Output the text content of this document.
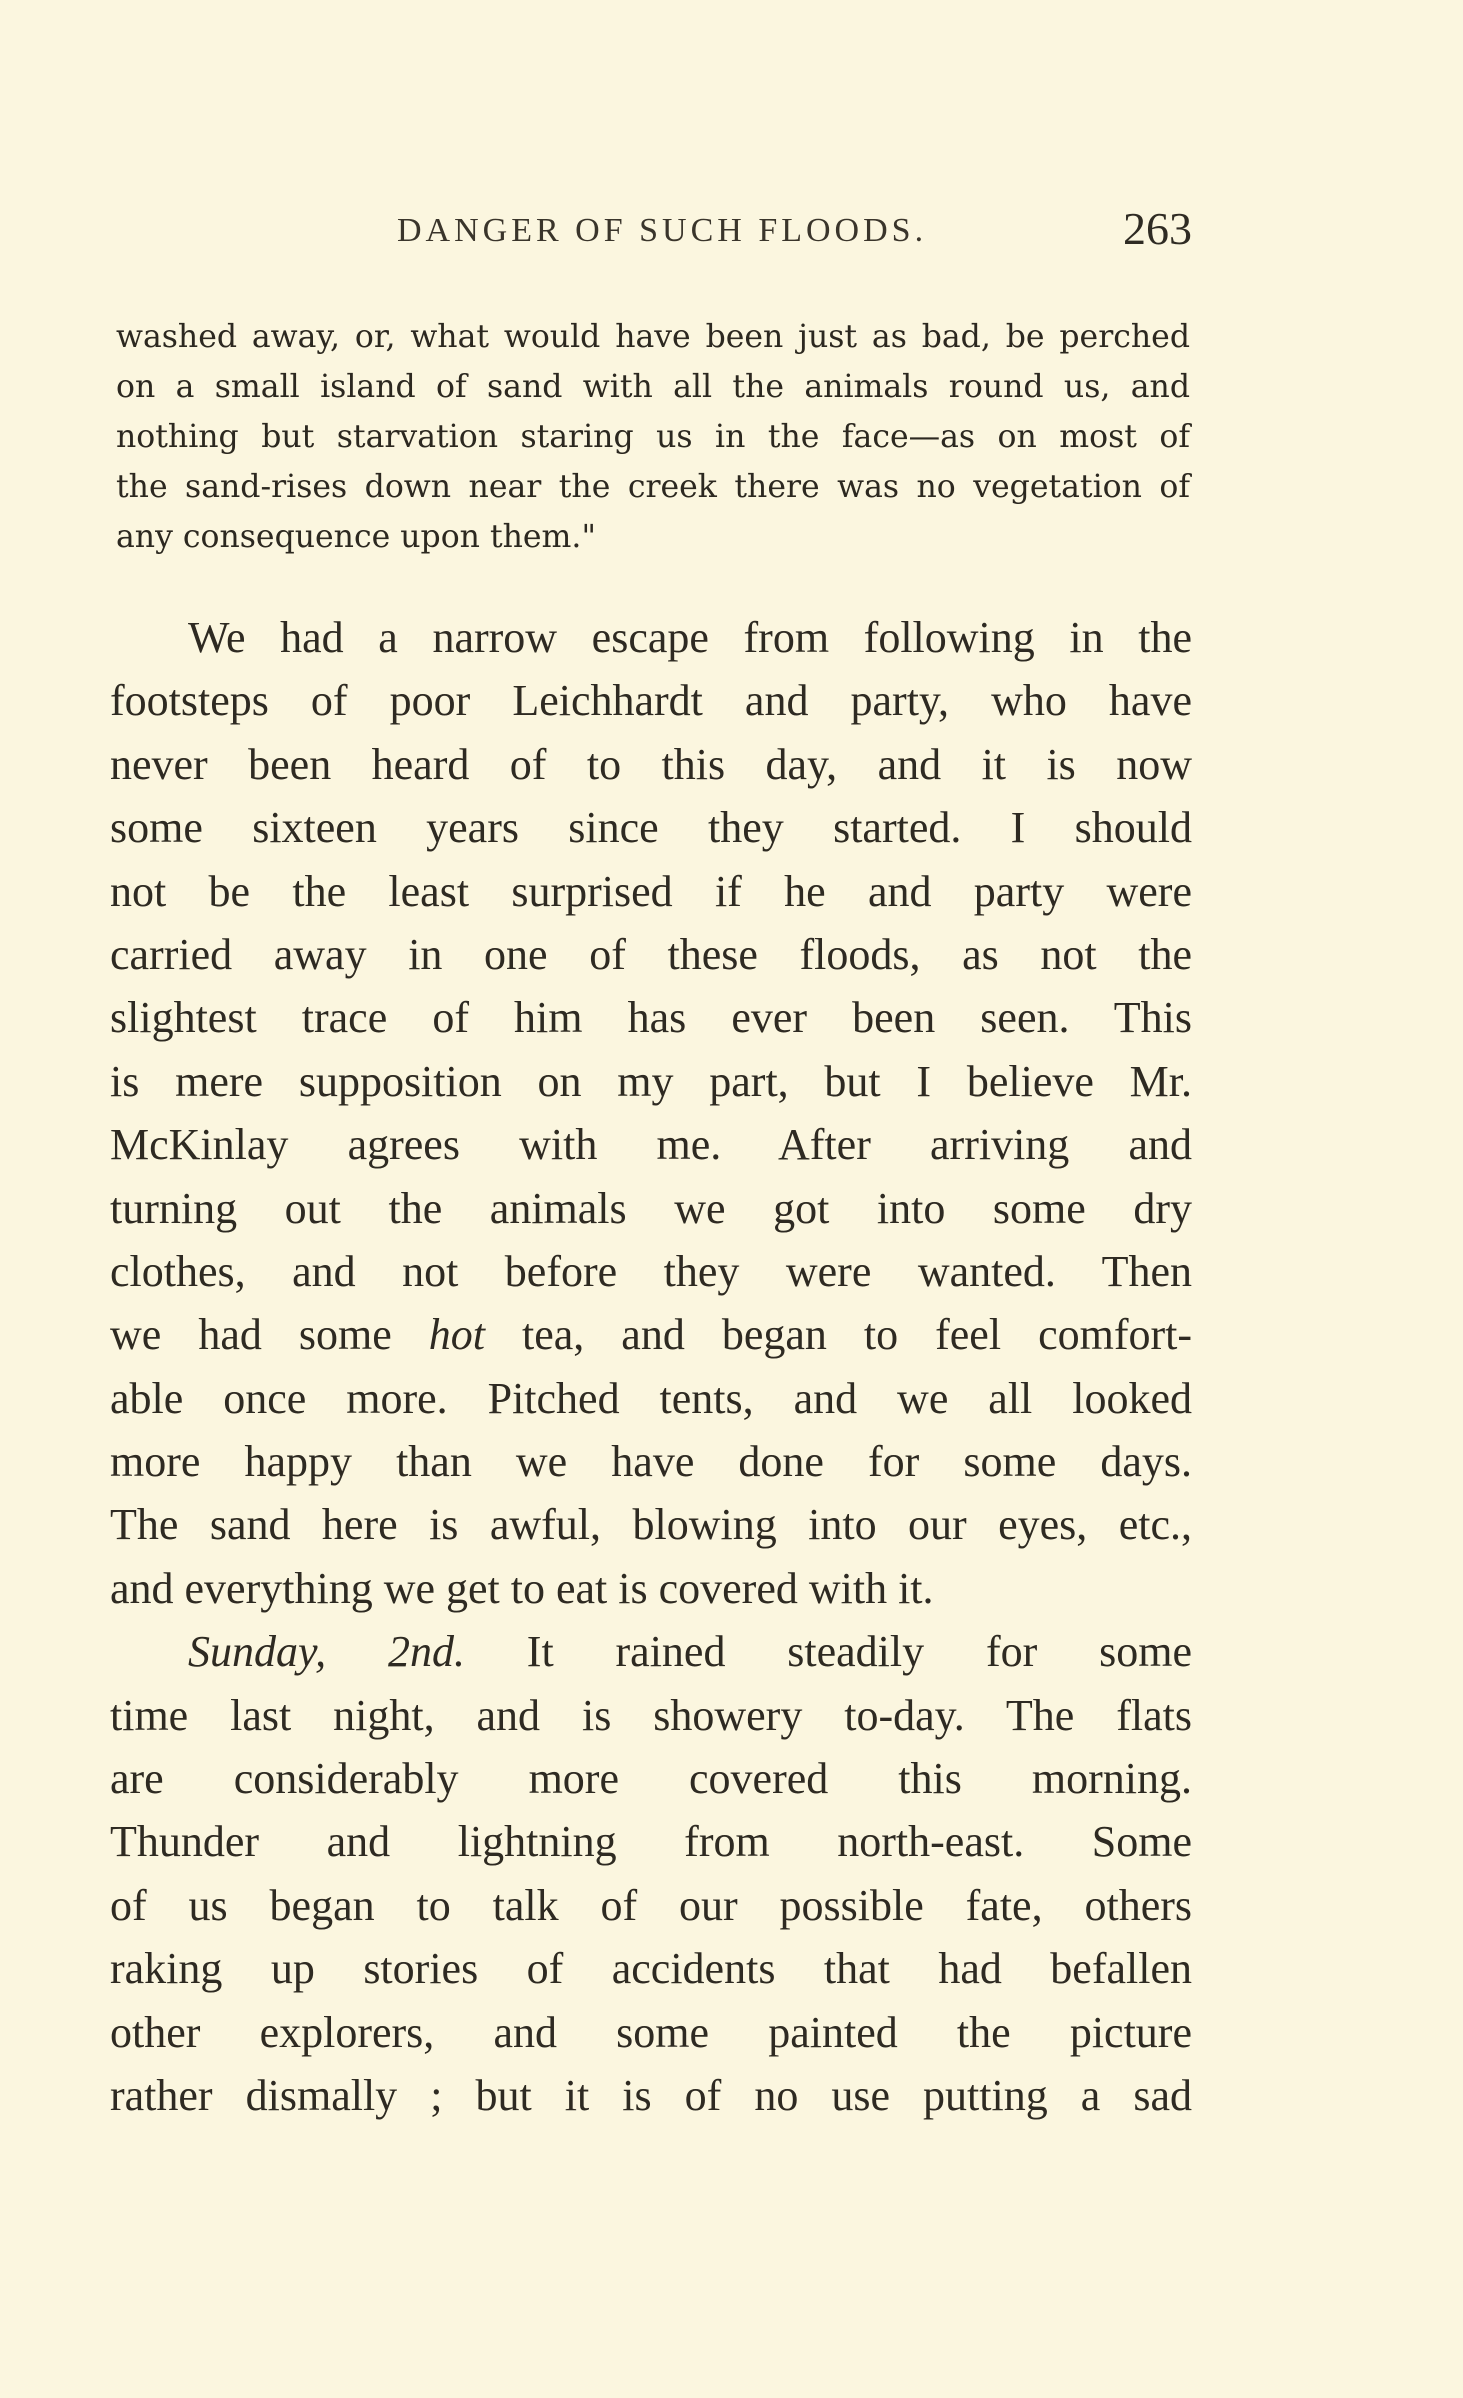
DANGER OF SUCH FLOODS.	263
washed away, or, what would have been just as bad, be perched
on a small island of sand with all the animals round us, and
nothing but starvation staring us in the face—as on most of
the sand-rises down near the creek there was no vegetation of
any consequence upon them."
We had a narrow escape from following in the
footsteps of poor Leichhardt and party, who have
never been heard of to this day, and it is now
some sixteen years since they started. I should
not be the least surprised if he and party were
carried away in one of these floods, as not the
slightest trace of him has ever been seen. This
is mere supposition on my part, but I believe Mr.
McKinlay agrees with me. After arriving and
turning out the animals we got into some dry
clothes, and not before they were wanted. Then
we had some hot tea, and began to feel comfort-
able once more. Pitched tents, and we all looked
more happy than we have done for some days.
The sand here is awful, blowing into our eyes, etc.,
and everything we get to eat is covered with it.
Sunday, 2nd. It rained steadily for some
time last night, and is showery to-day. The flats
are considerably more covered this morning.
Thunder and lightning from north-east. Some
of us began to talk of our possible fate, others
raking up stories of accidents that had befallen
other explorers, and some painted the picture
rather dismally ; but it is of no use putting a sad
